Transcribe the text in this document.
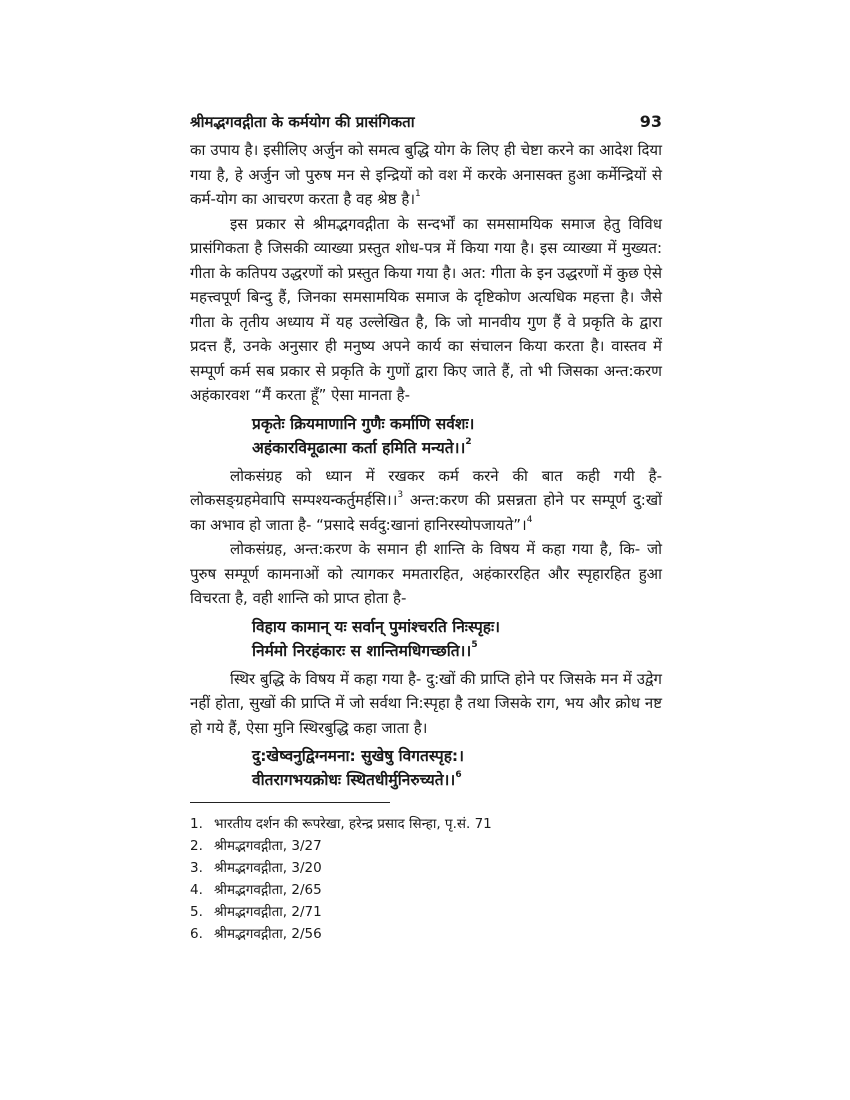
श्रीमद्भगवद्गीता के कर्मयोग की प्रासंगिकता	93

का उपाय है। इसीलिए अर्जुन को समत्व बुद्धि योग के लिए ही चेष्टा करने का आदेश दिया गया है, हे अर्जुन जो पुरुष मन से इन्द्रियों को वश में करके अनासक्त हुआ कर्मेन्द्रियों से कर्म-योग का आचरण करता है वह श्रेष्ठ है।$^1$

इस प्रकार से श्रीमद्भगवद्गीता के सन्दर्भों का समसामयिक समाज हेतु विविध प्रासंगिकता है जिसकी व्याख्या प्रस्तुत शोध-पत्र में किया गया है। इस व्याख्या में मुख्यत: गीता के कतिपय उद्धरणों को प्रस्तुत किया गया है। अत: गीता के इन उद्धरणों में कुछ ऐसे महत्त्वपूर्ण बिन्दु हैं, जिनका समसामयिक समाज के दृष्टिकोण अत्यधिक महत्ता है। जैसे गीता के तृतीय अध्याय में यह उल्लेखित है, कि जो मानवीय गुण हैं वे प्रकृति के द्वारा प्रदत्त हैं, उनके अनुसार ही मनुष्य अपने कार्य का संचालन किया करता है। वास्तव में सम्पूर्ण कर्म सब प्रकार से प्रकृति के गुणों द्वारा किए जाते हैं, तो भी जिसका अन्त:करण अहंकारवश “मैं करता हूँ” ऐसा मानता है-

प्रकृतेः क्रियमाणानि गुणैः कर्माणि सर्वशः।
अहंकारविमूढात्मा कर्ता हमिति मन्यते।।$^2$

लोकसंग्रह को ध्यान में रखकर कर्म करने की बात कही गयी है- लोकसङ्ग्रहमेवापि सम्पश्यन्कर्तुमर्हसि।।$^3$ अन्त:करण की प्रसन्नता होने पर सम्पूर्ण दु:खों का अभाव हो जाता है- “प्रसादे सर्वदु:खानां हानिरस्योपजायते”।$^4$

लोकसंग्रह, अन्त:करण के समान ही शान्ति के विषय में कहा गया है, कि- जो पुरुष सम्पूर्ण कामनाओं को त्यागकर ममतारहित, अहंकाररहित और स्पृहारहित हुआ विचरता है, वही शान्ति को प्राप्त होता है-

विहाय कामान् यः सर्वान् पुमांश्चरति निःस्पृहः।
निर्ममो निरहंकारः स शान्तिमधिगच्छति।।$^5$

स्थिर बुद्धि के विषय में कहा गया है- दु:खों की प्राप्ति होने पर जिसके मन में उद्वेग नहीं होता, सुखों की प्राप्ति में जो सर्वथा नि:स्पृहा है तथा जिसके राग, भय और क्रोध नष्ट हो गये हैं, ऐसा मुनि स्थिरबुद्धि कहा जाता है।

दु:खेष्वनुद्विग्नमना: सुखेषु विगतस्पृह:।
वीतरागभयक्रोधः स्थितधीर्मुनिरुच्यते।।$^6$
1. भारतीय दर्शन की रूपरेखा, हरेन्द्र प्रसाद सिन्हा, पृ.सं. 71
2. श्रीमद्भगवद्गीता, 3/27
3. श्रीमद्भगवद्गीता, 3/20
4. श्रीमद्भगवद्गीता, 2/65
5. श्रीमद्भगवद्गीता, 2/71
6. श्रीमद्भगवद्गीता, 2/56
